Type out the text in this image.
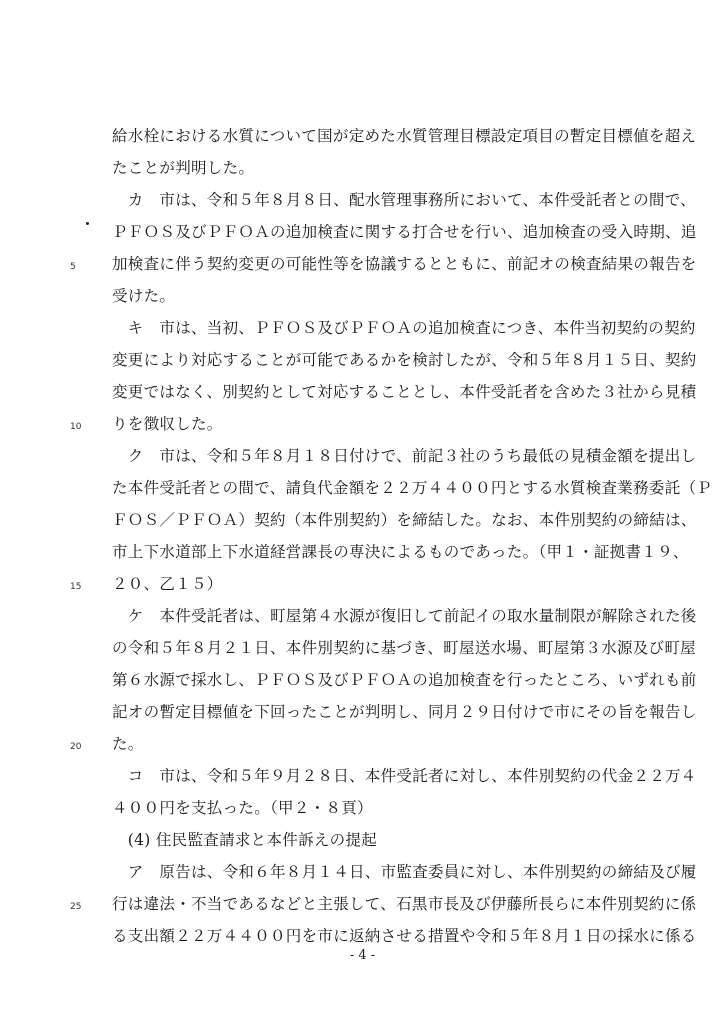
給水栓における水質について国が定めた水質管理目標設定項目の暫定目標値を超え
たことが判明した。
　カ　市は、令和５年８月８日、配水管理事務所において、本件受託者との間で、
ＰＦＯＳ及びＰＦＯＡの追加検査に関する打合せを行い、追加検査の受入時期、追
加検査に伴う契約変更の可能性等を協議するとともに、前記オの検査結果の報告を
受けた。
　キ　市は、当初、ＰＦＯＳ及びＰＦＯＡの追加検査につき、本件当初契約の契約
変更により対応することが可能であるかを検討したが、令和５年８月１５日、契約
変更ではなく、別契約として対応することとし、本件受託者を含めた３社から見積
りを徴収した。
　ク　市は、令和５年８月１８日付けで、前記３社のうち最低の見積金額を提出し
た本件受託者との間で、請負代金額を２２万４４００円とする水質検査業務委託（Ｐ
ＦＯＳ／ＰＦＯＡ）契約（本件別契約）を締結した。なお、本件別契約の締結は、
市上下水道部上下水道経営課長の専決によるものであった。（甲１・証拠書１９、
２０、乙１５）
　ケ　本件受託者は、町屋第４水源が復旧して前記イの取水量制限が解除された後
の令和５年８月２１日、本件別契約に基づき、町屋送水場、町屋第３水源及び町屋
第６水源で採水し、ＰＦＯＳ及びＰＦＯＡの追加検査を行ったところ、いずれも前
記オの暫定目標値を下回ったことが判明し、同月２９日付けで市にその旨を報告し
た。
　コ　市は、令和５年９月２８日、本件受託者に対し、本件別契約の代金２２万４
４００円を支払った。（甲２・８頁）
　(4) 住民監査請求と本件訴えの提起
　ア　原告は、令和６年８月１４日、市監査委員に対し、本件別契約の締結及び履
行は違法・不当であるなどと主張して、石黒市長及び伊藤所長らに本件別契約に係
る支出額２２万４４００円を市に返納させる措置や令和５年８月１日の採水に係る
5
10
15
20
25
- 4 -
